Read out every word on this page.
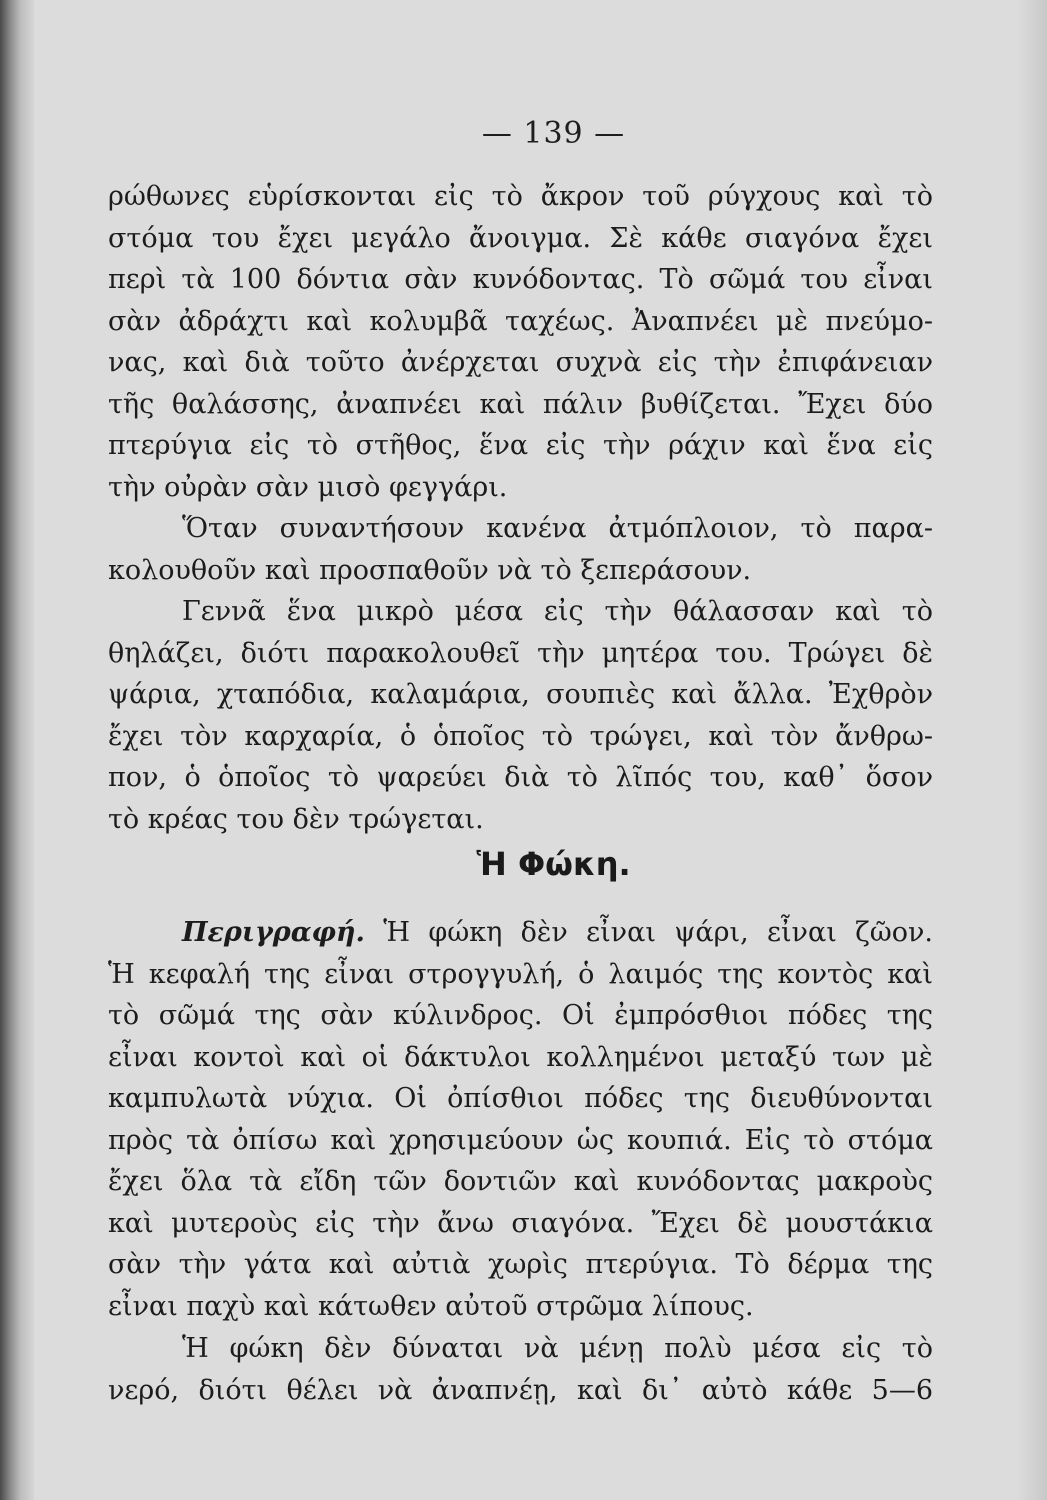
— 139 —
ρώθωνες εὑρίσκονται εἰς τὸ ἄκρον τοῦ ρύγχους καὶ τὸ
στόμα του ἔχει μεγάλο ἄνοιγμα. Σὲ κάθε σιαγόνα ἔχει
περὶ τὰ 100 δόντια σὰν κυνόδοντας. Τὸ σῶμά του εἶναι
σὰν ἀδράχτι καὶ κολυμβᾶ ταχέως. Ἀναπνέει μὲ πνεύμο-
νας, καὶ διὰ τοῦτο ἀνέρχεται συχνὰ εἰς τὴν ἐπιφάνειαν
τῆς θαλάσσης, ἀναπνέει καὶ πάλιν βυθίζεται. Ἔχει δύο
πτερύγια εἰς τὸ στῆθος, ἕνα εἰς τὴν ράχιν καὶ ἕνα εἰς
τὴν οὐρὰν σὰν μισὸ φεγγάρι.
Ὅταν συναντήσουν κανένα ἀτμόπλοιον, τὸ παρα-
κολουθοῦν καὶ προσπαθοῦν νὰ τὸ ξεπεράσουν.
Γεννᾶ ἕνα μικρὸ μέσα εἰς τὴν θάλασσαν καὶ τὸ
θηλάζει, διότι παρακολουθεῖ τὴν μητέρα του. Τρώγει δὲ
ψάρια, χταπόδια, καλαμάρια, σουπιὲς καὶ ἄλλα. Ἐχθρὸν
ἔχει τὸν καρχαρία, ὁ ὁποῖος τὸ τρώγει, καὶ τὸν ἄνθρω-
πον, ὁ ὁποῖος τὸ ψαρεύει διὰ τὸ λῖπός του, καθ᾽ ὅσον
τὸ κρέας του δὲν τρώγεται.
Ἡ Φώκη.
Περιγραφή. Ἡ φώκη δὲν εἶναι ψάρι, εἶναι ζῶον.
Ἡ κεφαλή της εἶναι στρογγυλή, ὁ λαιμός της κοντὸς καὶ
τὸ σῶμά της σὰν κύλινδρος. Οἱ ἐμπρόσθιοι πόδες της
εἶναι κοντοὶ καὶ οἱ δάκτυλοι κολλημένοι μεταξύ των μὲ
καμπυλωτὰ νύχια. Οἱ ὀπίσθιοι πόδες της διευθύνονται
πρὸς τὰ ὀπίσω καὶ χρησιμεύουν ὡς κουπιά. Εἰς τὸ στόμα
ἔχει ὅλα τὰ εἴδη τῶν δοντιῶν καὶ κυνόδοντας μακροὺς
καὶ μυτεροὺς εἰς τὴν ἄνω σιαγόνα. Ἔχει δὲ μουστάκια
σὰν τὴν γάτα καὶ αὐτιὰ χωρὶς πτερύγια. Τὸ δέρμα της
εἶναι παχὺ καὶ κάτωθεν αὐτοῦ στρῶμα λίπους.
Ἡ φώκη δὲν δύναται νὰ μένῃ πολὺ μέσα εἰς τὸ
νερό, διότι θέλει νὰ ἀναπνέῃ, καὶ δι᾽ αὐτὸ κάθε 5—6
